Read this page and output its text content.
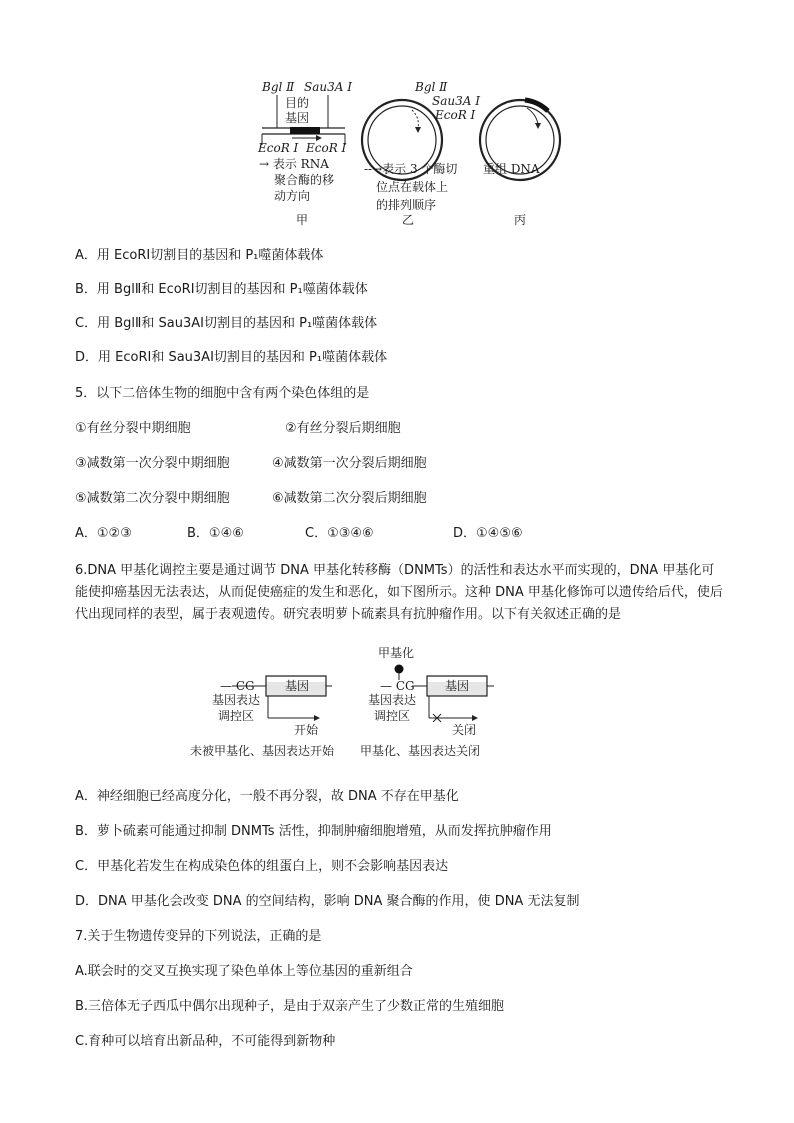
Bgl Ⅱ Sau3A Ⅰ
目的
基因
EcoR Ⅰ EcoR Ⅰ
→ 表示 RNA
聚合酶的移
动方向
甲
Bgl Ⅱ
Sau3A Ⅰ
EcoR Ⅰ
--→表示 3 个酶切
位点在载体上
的排列顺序
乙
重组 DNA
丙
A．用 EcoRⅠ切割目的基因和 P₁噬菌体载体
B．用 BglⅡ和 EcoRⅠ切割目的基因和 P₁噬菌体载体
C．用 BglⅡ和 Sau3AⅠ切割目的基因和 P₁噬菌体载体
D．用 EcoRⅠ和 Sau3AⅠ切割目的基因和 P₁噬菌体载体
5．以下二倍体生物的细胞中含有两个染色体组的是
①有丝分裂中期细胞	②有丝分裂后期细胞
③减数第一次分裂中期细胞	④减数第一次分裂后期细胞
⑤减数第二次分裂中期细胞	⑥减数第二次分裂后期细胞
A．①②③	B．①④⑥	C．①③④⑥	D．①④⑤⑥
6.DNA 甲基化调控主要是通过调节 DNA 甲基化转移酶（DNMTs）的活性和表达水平而实现的，DNA 甲基化可能使抑癌基因无法表达，从而促使癌症的发生和恶化，如下图所示。这种 DNA 甲基化修饰可以遗传给后代，使后代出现同样的表型，属于表观遗传。研究表明萝卜硫素具有抗肿瘤作用。以下有关叙述正确的是
甲基化
— CG	基因
基因表达
调控区
开始
未被甲基化、基因表达开始
— CG	基因
基因表达
调控区
关闭
甲基化、基因表达关闭
A．神经细胞已经高度分化，一般不再分裂，故 DNA 不存在甲基化
B．萝卜硫素可能通过抑制 DNMTs 活性，抑制肿瘤细胞增殖，从而发挥抗肿瘤作用
C．甲基化若发生在构成染色体的组蛋白上，则不会影响基因表达
D．DNA 甲基化会改变 DNA 的空间结构，影响 DNA 聚合酶的作用，使 DNA 无法复制
7.关于生物遗传变异的下列说法，正确的是
A.联会时的交叉互换实现了染色单体上等位基因的重新组合
B.三倍体无子西瓜中偶尔出现种子，是由于双亲产生了少数正常的生殖细胞
C.育种可以培育出新品种，不可能得到新物种
